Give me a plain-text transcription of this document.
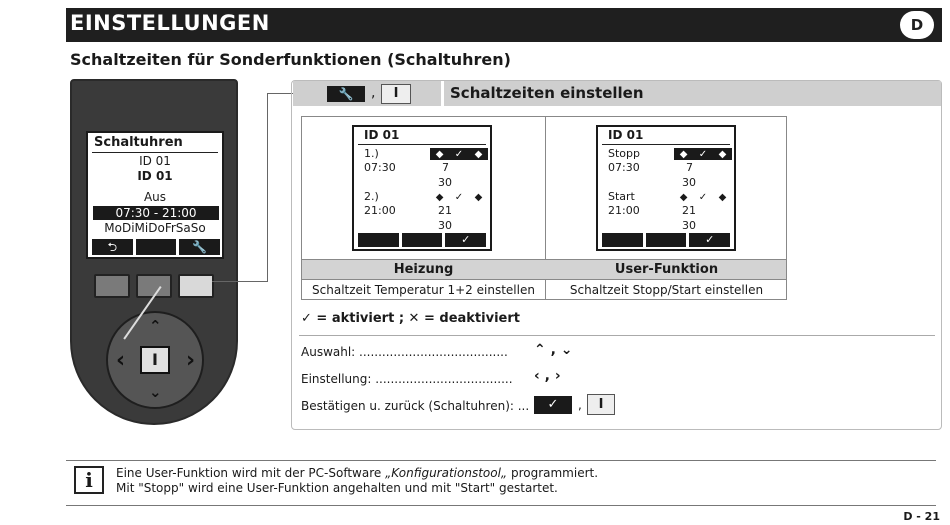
EINSTELLUNGEN	D
Schaltzeiten für Sonderfunktionen (Schaltuhren)
Schaltuhren
ID 01
ID 01
Aus
07:30 - 21:00
MoDiMiDoFrSaSo
⮌	🔧
⌃
⌄
‹	›
I
🔧	,	I	Schaltzeiten einstellen
ID 01
1.)	◆ ✓ ◆
07:30	7
30
2.)	◆ ✓ ◆
21:00	21
30
✓
ID 01
Stopp	◆ ✓ ◆
07:30	7
30
Start	◆ ✓ ◆
21:00	21
30
✓
Heizung	User-Funktion
Schaltzeit Temperatur 1+2 einstellen	Schaltzeit Stopp/Start einstellen
✓ = aktiviert ; ✕ = deaktiviert
Auswahl: ....................................... ⌃ , ⌄
Einstellung: .................................... ‹ , ›
Bestätigen u. zurück (Schaltuhren): ...	✓	,	I
i	Eine User-Funktion wird mit der PC-Software „Konfigurationstool„ programmiert.
Mit "Stopp" wird eine User-Funktion angehalten und mit "Start" gestartet.
D - 21
